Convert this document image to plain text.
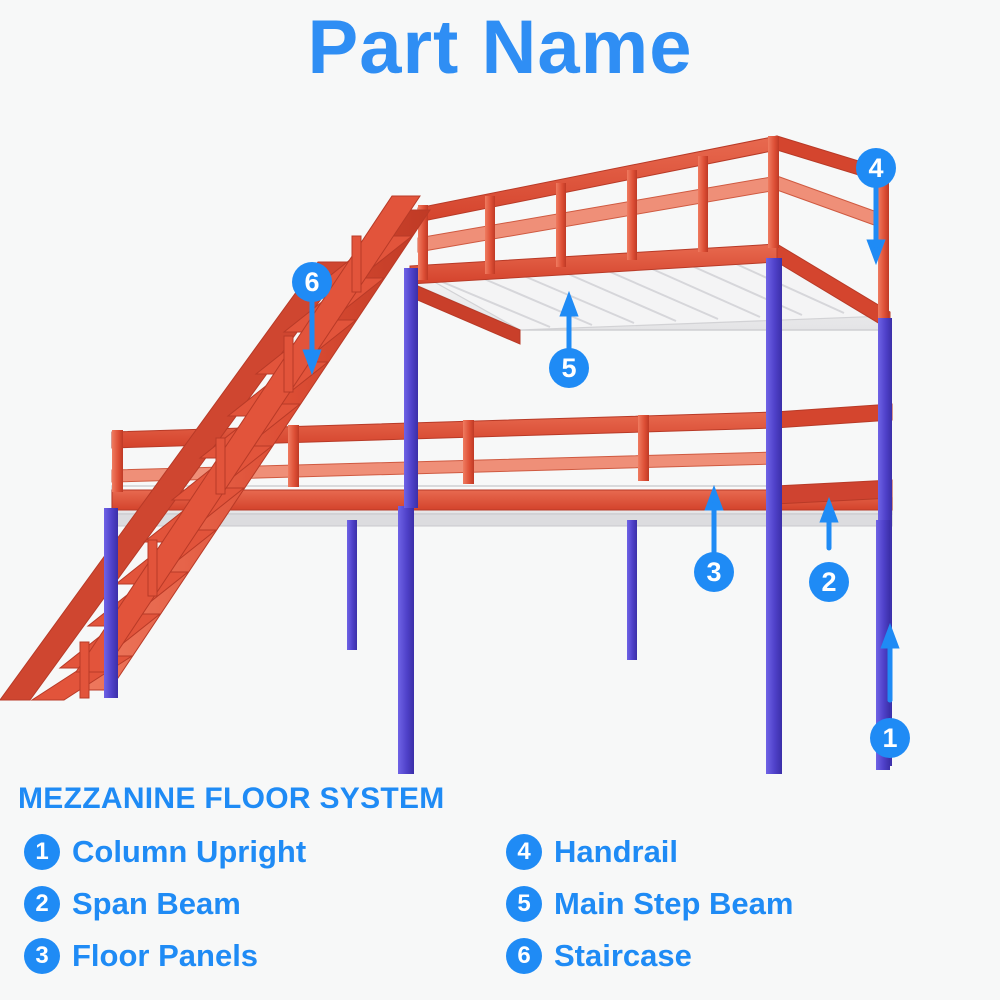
Part Name
1
2
3
4
5
6
MEZZANINE FLOOR SYSTEM
1 Column Upright
2 Span Beam
3 Floor Panels
4 Handrail
5 Main Step Beam
6 Staircase
